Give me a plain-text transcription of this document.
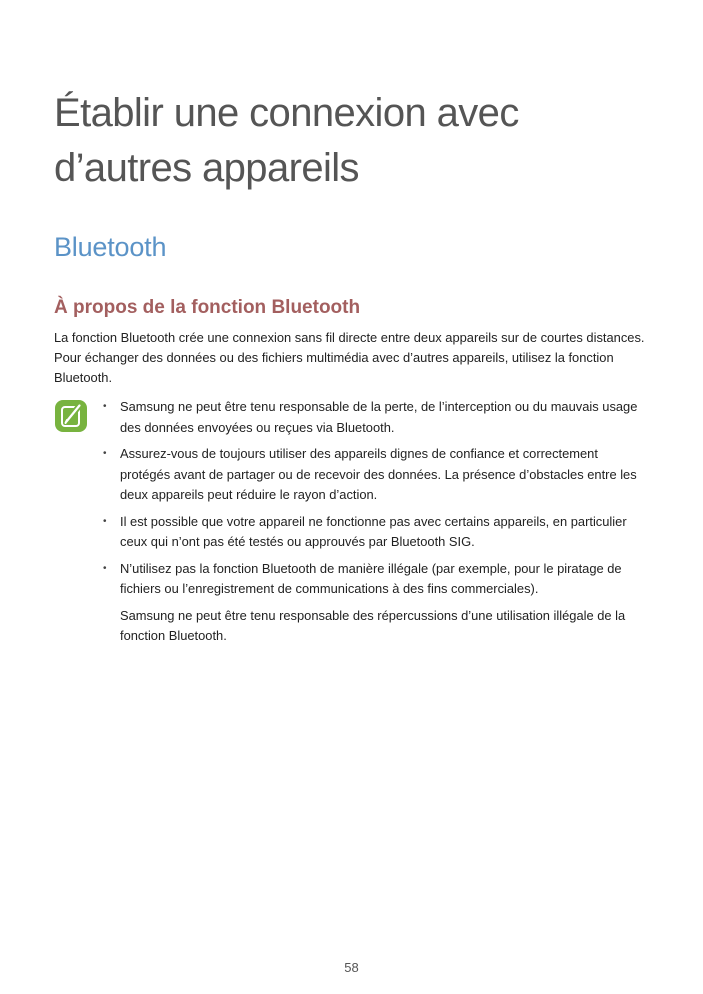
Établir une connexion avec
d’autres appareils
Bluetooth
À propos de la fonction Bluetooth

La fonction Bluetooth crée une connexion sans fil directe entre deux appareils sur de courtes distances. Pour échanger des données ou des fichiers multimédia avec d’autres appareils, utilisez la fonction Bluetooth.

• Samsung ne peut être tenu responsable de la perte, de l’interception ou du mauvais usage des données envoyées ou reçues via Bluetooth.
• Assurez-vous de toujours utiliser des appareils dignes de confiance et correctement protégés avant de partager ou de recevoir des données. La présence d’obstacles entre les deux appareils peut réduire le rayon d’action.
• Il est possible que votre appareil ne fonctionne pas avec certains appareils, en particulier ceux qui n’ont pas été testés ou approuvés par Bluetooth SIG.
• N’utilisez pas la fonction Bluetooth de manière illégale (par exemple, pour le piratage de fichiers ou l’enregistrement de communications à des fins commerciales).
Samsung ne peut être tenu responsable des répercussions d’une utilisation illégale de la fonction Bluetooth.
58
